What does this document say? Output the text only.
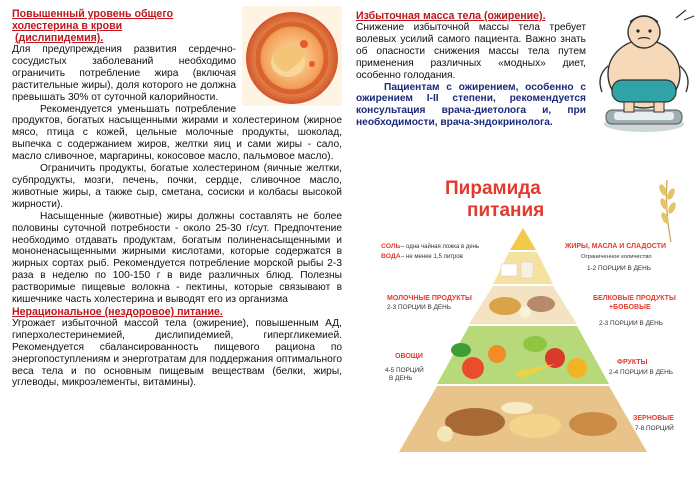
Повышенный уровень общего холестерина в крови
(дислипидемия).

Для предупреждения развития сердечно-сосудистых заболеваний необходимо ограничить потребление жира (включая растительные жиры), доля которого не должна превышать 30% от суточной калорийности.

Рекомендуется уменьшать потребление продуктов, богатых насыщенными жирами и холестерином (жирное мясо, птица с кожей, цельные молочные продукты, шоколад, выпечка с содержанием жиров, желтки яиц и сами жиры - сало, масло сливочное, маргарины, кокосовое масло, пальмовое масло).

Ограничить продукты, богатые холестерином (яичные желтки, субпродукты, мозги, печень, почки, сердце, сливочное масло, животные жиры, а также сыр, сметана, сосиски и колбасы высокой жирности).

Насыщенные (животные) жиры должны составлять не более половины суточной потребности - около 25-30 г/сут. Предпочтение необходимо отдавать продуктам, богатым полиненасыщенными и мононенасыщенными жирными кислотами, которые содержатся в жирных сортах рыб. Рекомендуется потребление морской рыбы 2-3 раза в неделю по 100-150 г в виде различных блюд. Полезны растворимые пищевые волокна - пектины, которые связывают в кишечнике часть холестерина и выводят его из организма

Нерациональное (нездоровое) питание.

Угрожает избыточной массой тела (ожирение), повышенным АД, гиперхолестеринемией, дислипидемией, гипергликемией. Рекомендуется сбалансированность пищевого рациона по энергопоступлениям и энерготратам для поддержания оптимального веса тела и по основным пищевым веществам (белки, жиры, углеводы, микроэлементы, витамины).

Избыточная масса тела (ожирение).

Снижение избыточной массы тела требует волевых усилий самого пациента. Важно знать об опасности снижения массы тела путем применения различных «модных» диет, особенно голодания.

Пациентам с ожирением, особенно с ожирением I-II степени, рекомендуется консультация врача-диетолога и, при необходимости, врача-эндокринолога.

Пирамида
питания
СОЛЬ – одна чайная ложка в день
ВОДА – не менее 1,5 литров
МОЛОЧНЫЕ ПРОДУКТЫ
2-3 ПОРЦИИ В ДЕНЬ
ОВОЩИ
4-5 ПОРЦИЙ
В ДЕНЬ
ЖИРЫ, МАСЛА И СЛАДОСТИ
Ограниченное количество
1-2 ПОРЦИИ В ДЕНЬ
БЕЛКОВЫЕ ПРОДУКТЫ
+БОБОВЫЕ
2-3 ПОРЦИИ В ДЕНЬ
ФРУКТЫ
2-4 ПОРЦИИ В ДЕНЬ
ЗЕРНОВЫЕ
7-8 ПОРЦИЙ
